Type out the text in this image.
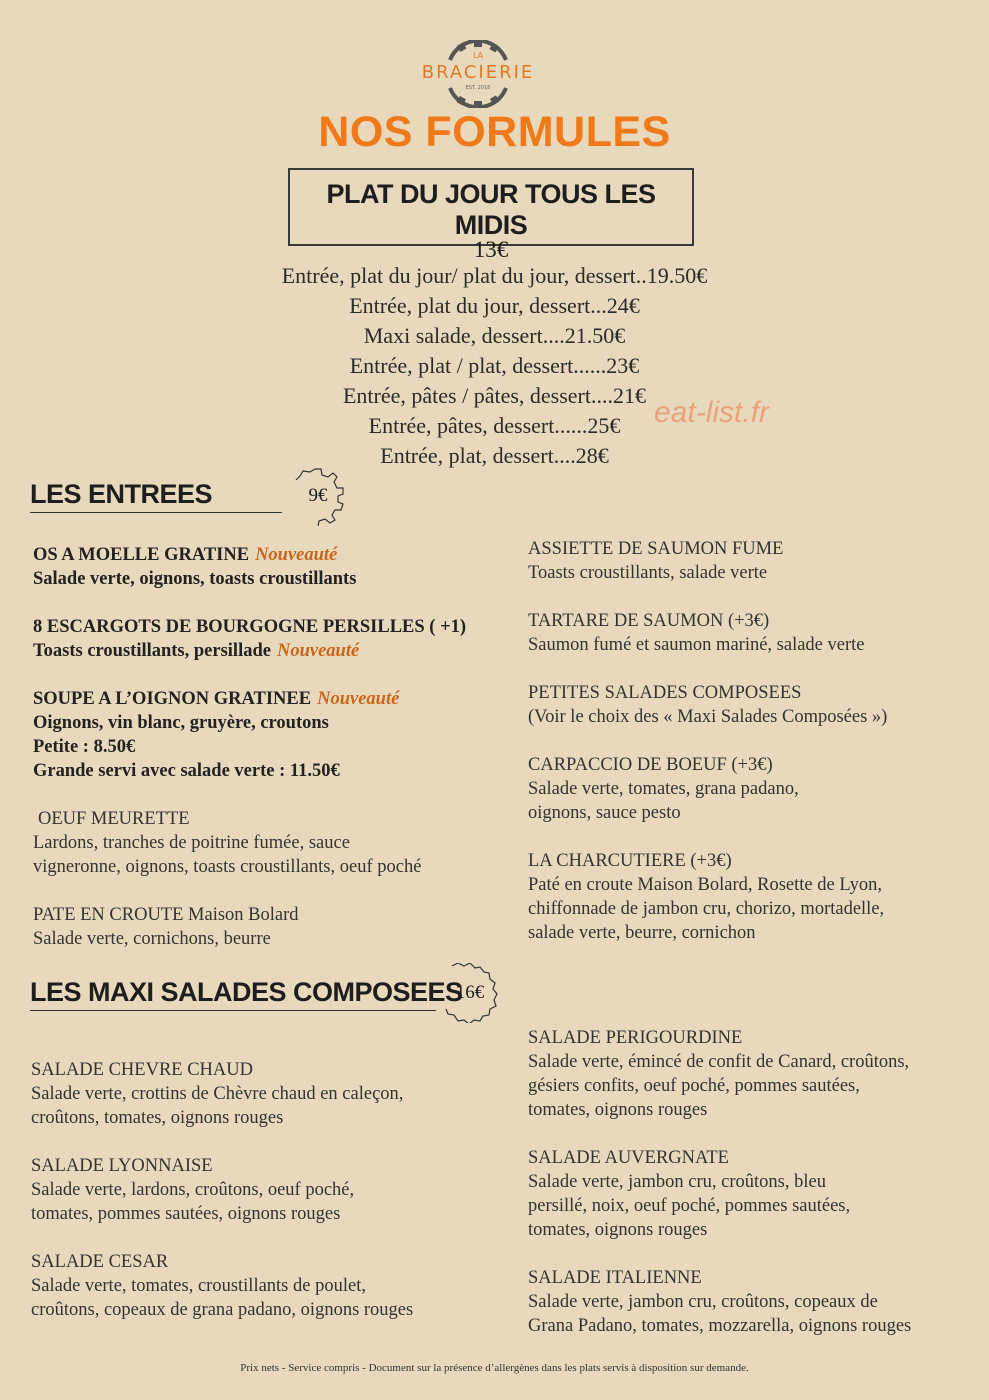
LA
BRACIERIE
EST. 2018
NOS FORMULES
PLAT DU JOUR TOUS LES MIDIS
13€
Entrée, plat du jour/ plat du jour, dessert..19.50€
Entrée, plat du jour, dessert...24€
Maxi salade, dessert....21.50€
Entrée, plat / plat, dessert......23€
Entrée, pâtes / pâtes, dessert....21€
Entrée, pâtes, dessert......25€
Entrée, plat, dessert....28€
eat-list.fr
LES ENTREES	9€
OS A MOELLE GRATINE Nouveauté
Salade verte, oignons, toasts croustillants
8 ESCARGOTS DE BOURGOGNE PERSILLES ( +1)
Toasts croustillants, persillade Nouveauté
SOUPE A L’OIGNON GRATINEE Nouveauté
Oignons, vin blanc, gruyère, croutons
Petite : 8.50€
Grande servi avec salade verte : 11.50€
OEUF MEURETTE
Lardons, tranches de poitrine fumée, sauce
vigneronne, oignons, toasts croustillants, oeuf poché
PATE EN CROUTE Maison Bolard
Salade verte, cornichons, beurre
ASSIETTE DE SAUMON FUME
Toasts croustillants, salade verte
TARTARE DE SAUMON (+3€)
Saumon fumé et saumon mariné, salade verte
PETITES SALADES COMPOSEES
(Voir le choix des « Maxi Salades Composées »)
CARPACCIO DE BOEUF (+3€)
Salade verte, tomates, grana padano,
oignons, sauce pesto
LA CHARCUTIERE (+3€)
Paté en croute Maison Bolard, Rosette de Lyon,
chiffonnade de jambon cru, chorizo, mortadelle,
salade verte, beurre, cornichon
LES MAXI SALADES COMPOSEES
16€
SALADE CHEVRE CHAUD
Salade verte, crottins de Chèvre chaud en caleçon,
croûtons, tomates, oignons rouges
SALADE LYONNAISE
Salade verte, lardons, croûtons, oeuf poché,
tomates, pommes sautées, oignons rouges
SALADE CESAR
Salade verte, tomates, croustillants de poulet,
croûtons, copeaux de grana padano, oignons rouges
SALADE PERIGOURDINE
Salade verte, émincé de confit de Canard, croûtons,
gésiers confits, oeuf poché, pommes sautées,
tomates, oignons rouges
SALADE AUVERGNATE
Salade verte, jambon cru, croûtons, bleu
persillé, noix, oeuf poché, pommes sautées,
tomates, oignons rouges
SALADE ITALIENNE
Salade verte, jambon cru, croûtons, copeaux de
Grana Padano, tomates, mozzarella, oignons rouges
Prix nets - Service compris - Document sur la présence d’allergènes dans les plats servis à disposition sur demande.
